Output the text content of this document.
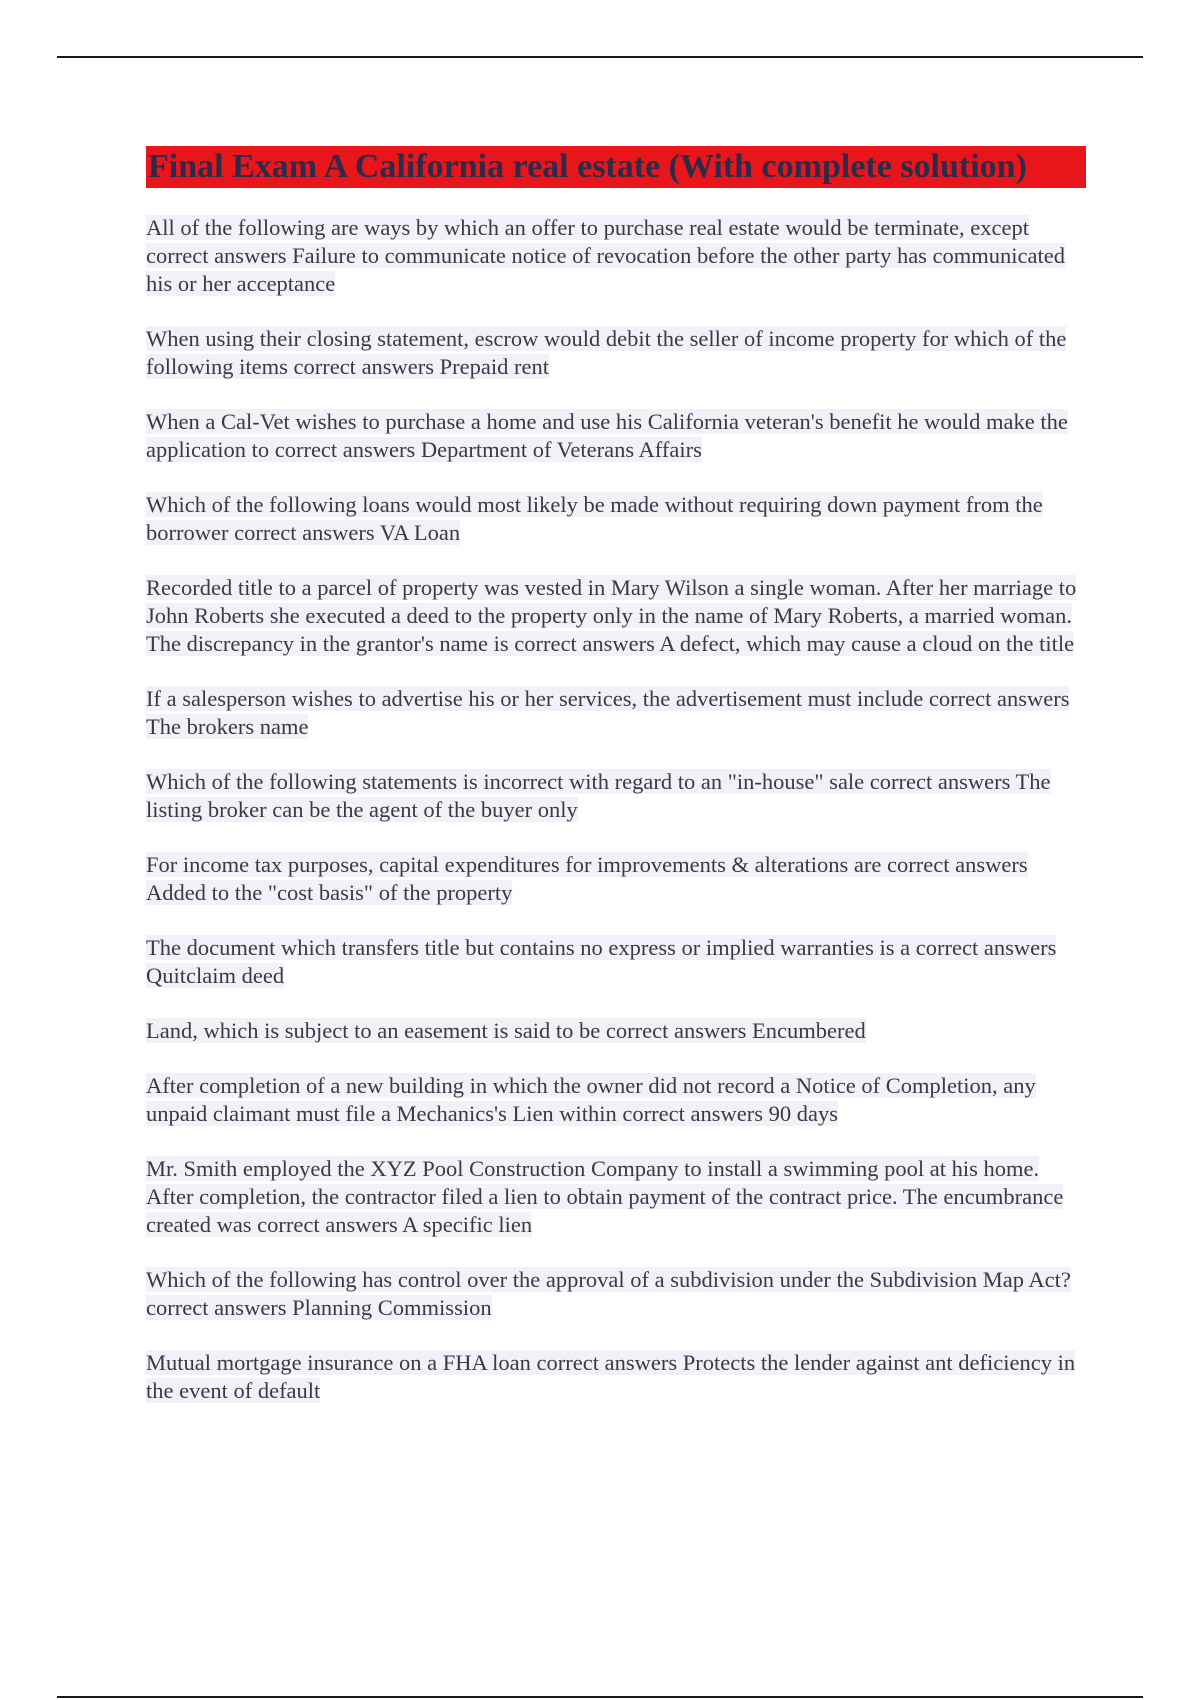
Final Exam A California real estate (With complete solution)
All of the following are ways by which an offer to purchase real estate would be terminate, except correct answers Failure to communicate notice of revocation before the other party has communicated his or her acceptance
When using their closing statement, escrow would debit the seller of income property for which of the following items correct answers Prepaid rent
When a Cal-Vet wishes to purchase a home and use his California veteran's benefit he would make the application to correct answers Department of Veterans Affairs
Which of the following loans would most likely be made without requiring down payment from the borrower correct answers VA Loan
Recorded title to a parcel of property was vested in Mary Wilson a single woman. After her marriage to John Roberts she executed a deed to the property only in the name of Mary Roberts, a married woman. The discrepancy in the grantor's name is correct answers A defect, which may cause a cloud on the title
If a salesperson wishes to advertise his or her services, the advertisement must include correct answers The brokers name
Which of the following statements is incorrect with regard to an "in-house" sale correct answers The listing broker can be the agent of the buyer only
For income tax purposes, capital expenditures for improvements & alterations are correct answers Added to the "cost basis" of the property
The document which transfers title but contains no express or implied warranties is a correct answers Quitclaim deed
Land, which is subject to an easement is said to be correct answers Encumbered
After completion of a new building in which the owner did not record a Notice of Completion, any unpaid claimant must file a Mechanics's Lien within correct answers 90 days
Mr. Smith employed the XYZ Pool Construction Company to install a swimming pool at his home. After completion, the contractor filed a lien to obtain payment of the contract price. The encumbrance created was correct answers A specific lien
Which of the following has control over the approval of a subdivision under the Subdivision Map Act? correct answers Planning Commission
Mutual mortgage insurance on a FHA loan correct answers Protects the lender against ant deficiency in the event of default
